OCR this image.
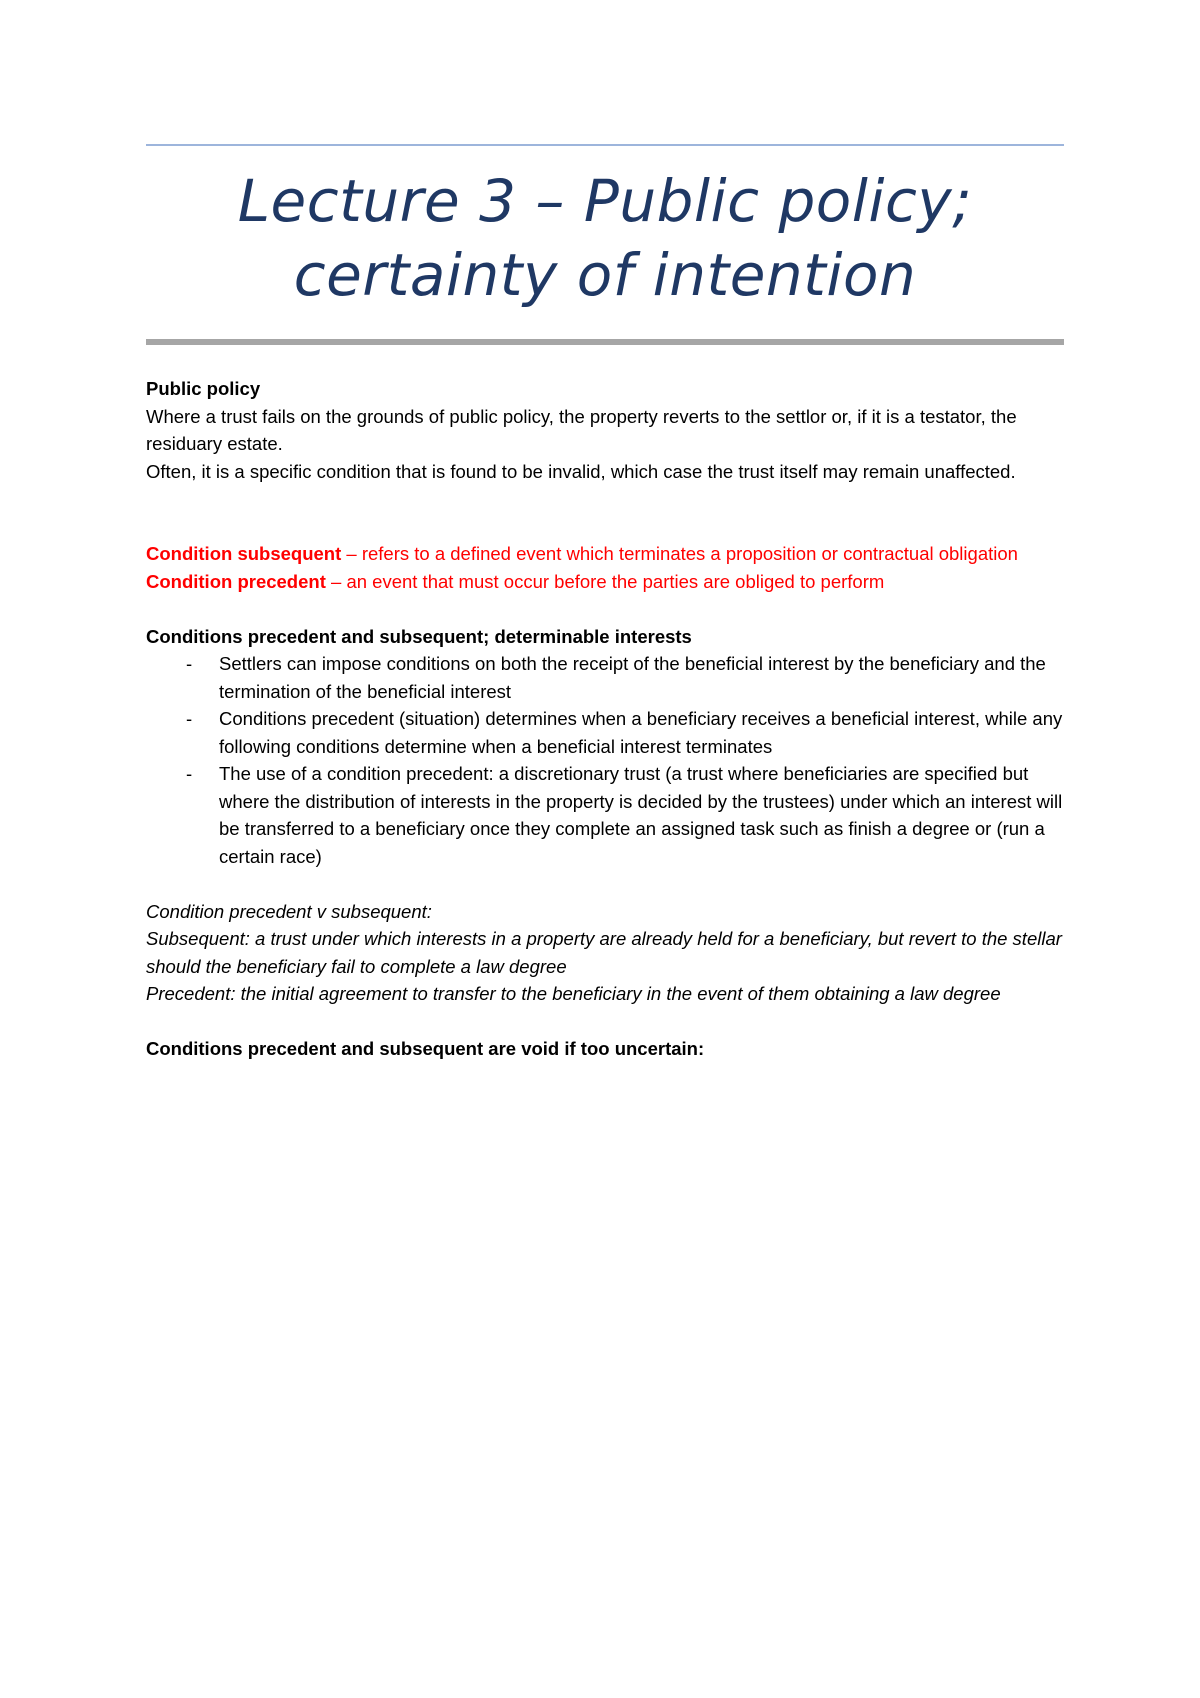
Lecture 3 – Public policy;
certainty of intention

Public policy

Where a trust fails on the grounds of public policy, the property reverts to the settlor or, if it is a testator, the residuary estate.

Often, it is a specific condition that is found to be invalid, which case the trust itself may remain unaffected.

Condition subsequent – refers to a defined event which terminates a proposition or contractual obligation

Condition precedent – an event that must occur before the parties are obliged to perform

Conditions precedent and subsequent; determinable interests

- Settlers can impose conditions on both the receipt of the beneficial interest by the beneficiary and the termination of the beneficial interest
- Conditions precedent (situation) determines when a beneficiary receives a beneficial interest, while any following conditions determine when a beneficial interest terminates
- The use of a condition precedent: a discretionary trust (a trust where beneficiaries are specified but where the distribution of interests in the property is decided by the trustees) under which an interest will be transferred to a beneficiary once they complete an assigned task such as finish a degree or (run a certain race)

Condition precedent v subsequent:

Subsequent: a trust under which interests in a property are already held for a beneficiary, but revert to the stellar should the beneficiary fail to complete a law degree

Precedent: the initial agreement to transfer to the beneficiary in the event of them obtaining a law degree

Conditions precedent and subsequent are void if too uncertain:
